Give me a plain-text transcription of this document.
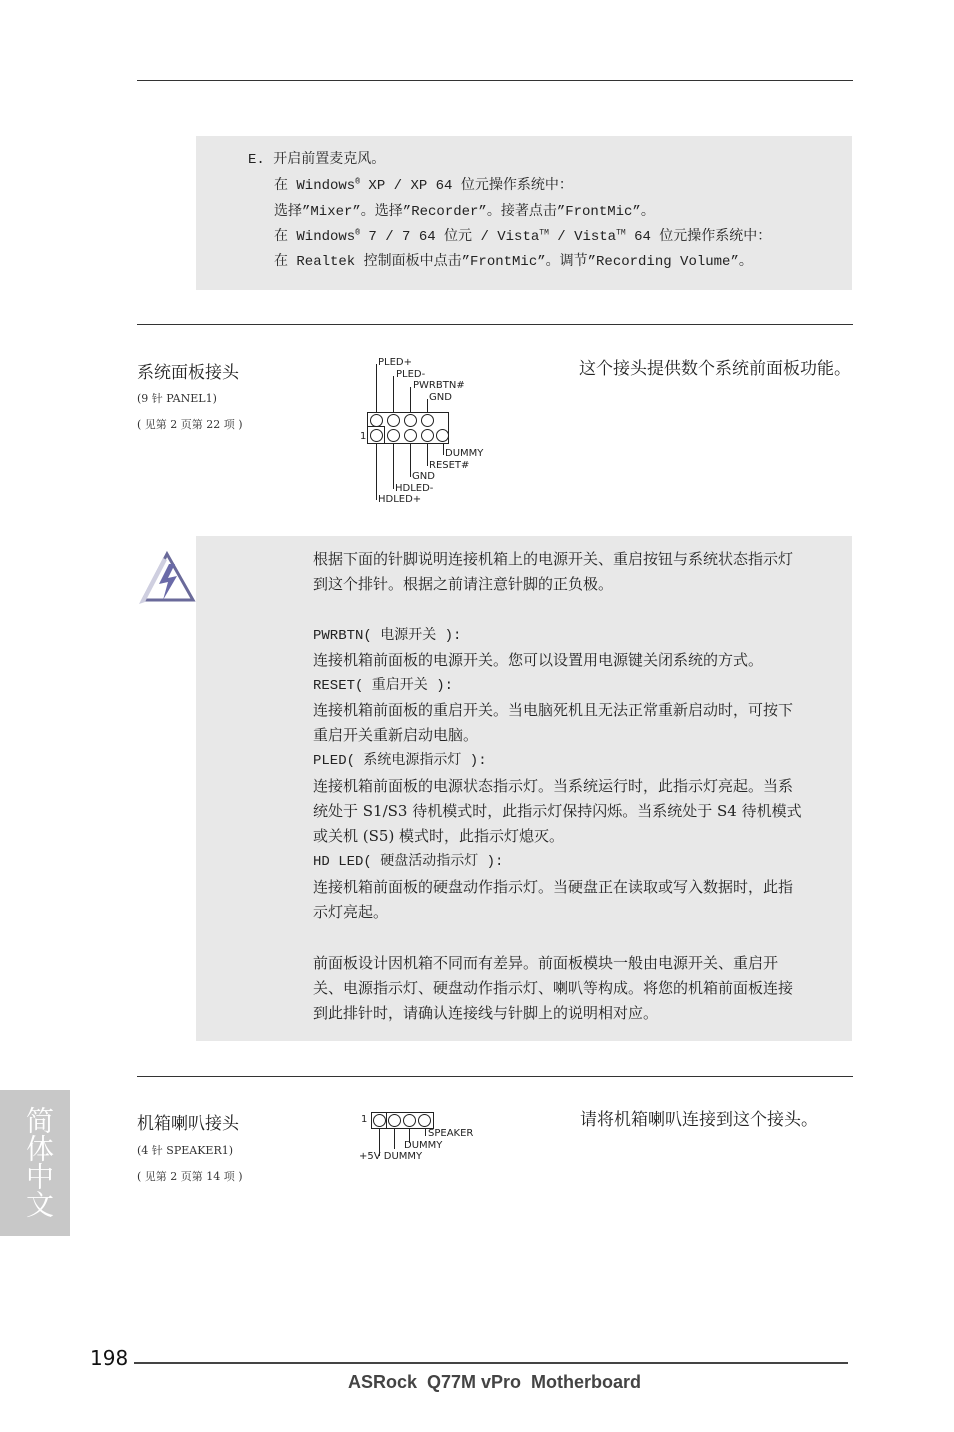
E. 开启前置麦克风。
在 Windows® XP / XP 64 位元操作系统中：
选择”Mixer”。选择”Recorder”。接著点击”FrontMic”。
在 Windows® 7 / 7 64 位元 / Vista™ / Vista™ 64 位元操作系统中：
在 Realtek 控制面板中点击”FrontMic”。调节”Recording Volume”。
系统面板接头
(9 针 PANEL1)
( 见第 2 页第 22 项 )
这个接头提供数个系统前面板功能。
PLED+
PLED-
PWRBTN#
GND
1
DUMMY
RESET#
GND
HDLED-
HDLED+
根据下面的针脚说明连接机箱上的电源开关、重启按钮与系统状态指示灯
到这个排针。根据之前请注意针脚的正负极。
PWRBTN( 电源开关 ):
连接机箱前面板的电源开关。您可以设置用电源键关闭系统的方式。
RESET( 重启开关 ):
连接机箱前面板的重启开关。当电脑死机且无法正常重新启动时，可按下
重启开关重新启动电脑。
PLED( 系统电源指示灯 ):
连接机箱前面板的电源状态指示灯。当系统运行时，此指示灯亮起。当系
统处于 S1/S3 待机模式时，此指示灯保持闪烁。当系统处于 S4 待机模式
或关机 (S5) 模式时，此指示灯熄灭。
HD LED( 硬盘活动指示灯 ):
连接机箱前面板的硬盘动作指示灯。当硬盘正在读取或写入数据时，此指
示灯亮起。
前面板设计因机箱不同而有差异。前面板模块一般由电源开关、重启开
关、电源指示灯、硬盘动作指示灯、喇叭等构成。将您的机箱前面板连接
到此排针时，请确认连接线与针脚上的说明相对应。
机箱喇叭接头
(4 针 SPEAKER1)
( 见第 2 页第 14 项 )
请将机箱喇叭连接到这个接头。
1
SPEAKER
DUMMY
+5V DUMMY
简体中文
198
ASRock  Q77M vPro  Motherboard
